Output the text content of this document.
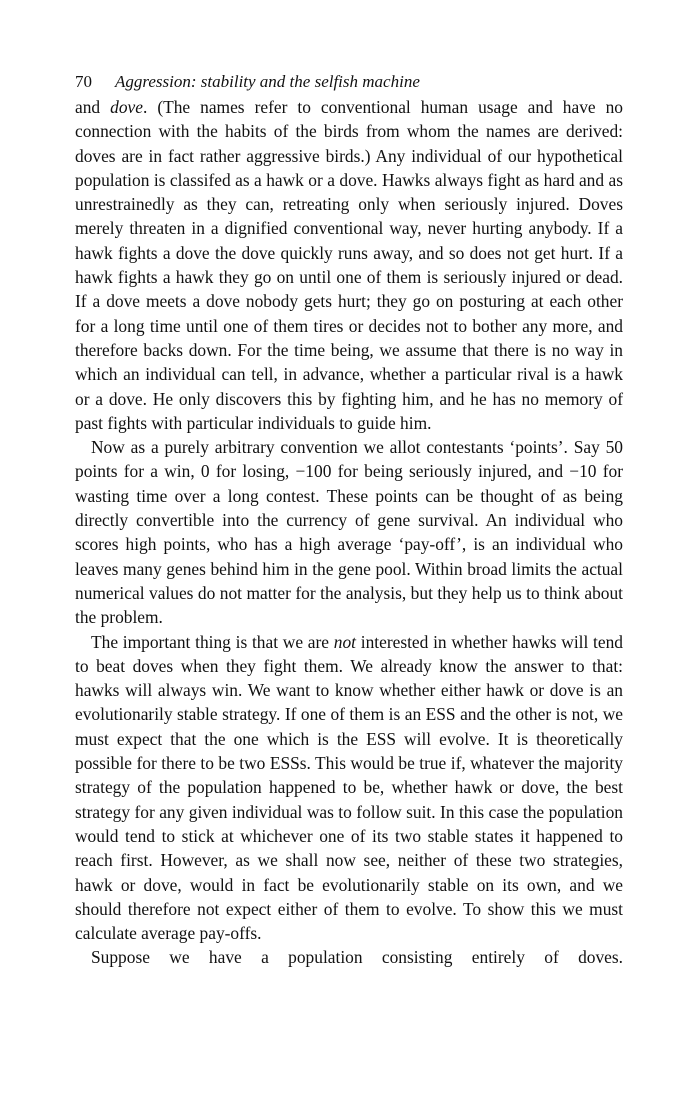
70 Aggression: stability and the selfish machine

and dove. (The names refer to conventional human usage and have no connection with the habits of the birds from whom the names are derived: doves are in fact rather aggressive birds.) Any individual of our hypothetical population is classifed as a hawk or a dove. Hawks always fight as hard and as unrestrainedly as they can, retreating only when seriously injured. Doves merely threaten in a dignified conventional way, never hurting anybody. If a hawk fights a dove the dove quickly runs away, and so does not get hurt. If a hawk fights a hawk they go on until one of them is seriously injured or dead. If a dove meets a dove nobody gets hurt; they go on posturing at each other for a long time until one of them tires or decides not to bother any more, and therefore backs down. For the time being, we assume that there is no way in which an individual can tell, in advance, whether a particular rival is a hawk or a dove. He only discovers this by fighting him, and he has no memory of past fights with particular individuals to guide him.

Now as a purely arbitrary convention we allot contestants ‘points’. Say 50 points for a win, 0 for losing, −100 for being seriously injured, and −10 for wasting time over a long contest. These points can be thought of as being directly convertible into the currency of gene survival. An individual who scores high points, who has a high average ‘pay-off’, is an individual who leaves many genes behind him in the gene pool. Within broad limits the actual numerical values do not matter for the analysis, but they help us to think about the problem.

The important thing is that we are not interested in whether hawks will tend to beat doves when they fight them. We already know the answer to that: hawks will always win. We want to know whether either hawk or dove is an evolutionarily stable strategy. If one of them is an ESS and the other is not, we must expect that the one which is the ESS will evolve. It is theoretically possible for there to be two ESSs. This would be true if, whatever the majority strategy of the population happened to be, whether hawk or dove, the best strategy for any given individual was to follow suit. In this case the population would tend to stick at whichever one of its two stable states it happened to reach first. However, as we shall now see, neither of these two strategies, hawk or dove, would in fact be evolutionarily stable on its own, and we should therefore not expect either of them to evolve. To show this we must calculate average pay-offs.

Suppose we have a population consisting entirely of doves.
